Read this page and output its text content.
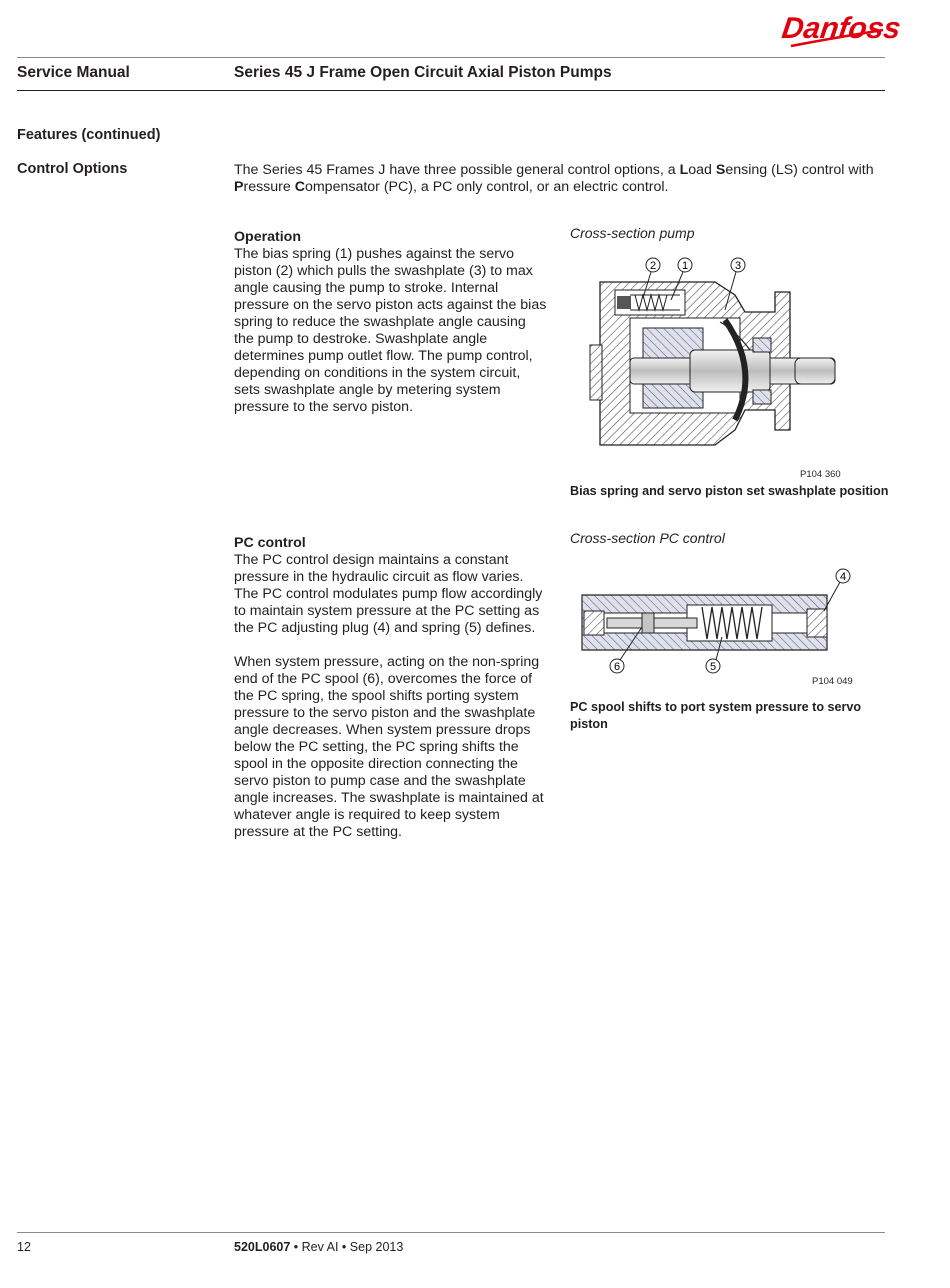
Danfoss
Service Manual	Series 45 J Frame Open Circuit Axial Piston Pumps
Features (continued)
Control Options	The Series 45 Frames J have three possible general control options, a Load Sensing (LS) control with
Pressure Compensator (PC), a PC only control, or an electric control.
Operation
The bias spring (1) pushes against the servo
piston (2) which pulls the swashplate (3) to max
angle causing the pump to stroke. Internal
pressure on the servo piston acts against the bias
spring to reduce the swashplate angle causing
the pump to destroke. Swashplate angle
determines pump outlet flow. The pump control,
depending on conditions in the system circuit,
sets swashplate angle by metering system
pressure to the servo piston.
Cross-section pump
2 1	3
P104 360
Bias spring and servo piston set swashplate position
PC control
The PC control design maintains a constant
pressure in the hydraulic circuit as flow varies.
The PC control modulates pump flow accordingly
to maintain system pressure at the PC setting as
the PC adjusting plug (4) and spring (5) defines.
When system pressure, acting on the non-spring
end of the PC spool (6), overcomes the force of
the PC spring, the spool shifts porting system
pressure to the servo piston and the swashplate
angle decreases. When system pressure drops
below the PC setting, the PC spring shifts the
spool in the opposite direction connecting the
servo piston to pump case and the swashplate
angle increases. The swashplate is maintained at
whatever angle is required to keep system
pressure at the PC setting.
Cross-section PC control
4
6	5
P104 049
PC spool shifts to port system pressure to servo
piston
12	520L0607 • Rev AI • Sep 2013
